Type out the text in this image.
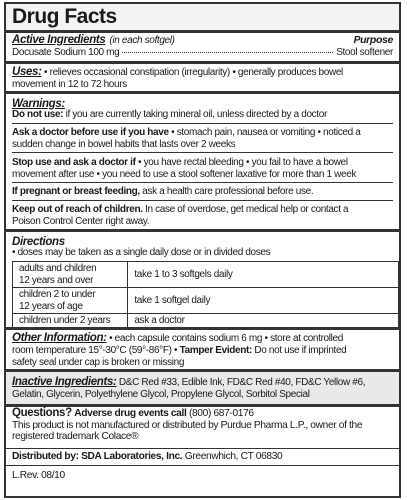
Drug Facts
Active Ingredients (in each softgel)	Purpose
Docusate Sodium 100 mg	Stool softener
Uses: • relieves occasional constipation (irregularity) • generally produces bowel
movement in 12 to 72 hours
Warnings:
Do not use: if you are currently taking mineral oil, unless directed by a doctor
Ask a doctor before use if you have • stomach pain, nausea or vomiting • noticed a
sudden change in bowel habits that lasts over 2 weeks
Stop use and ask a doctor if • you have rectal bleeding • you fail to have a bowel
movement after use • you need to use a stool softener laxative for more than 1 week
If pregnant or breast feeding, ask a health care professional before use.
Keep out of reach of children. In case of overdose, get medical help or contact a
Poison Control Center right away.
Directions
• doses may be taken as a single daily dose or in divided doses
adults and children
12 years and over	take 1 to 3 softgels daily

children 2 to under
12 years of age	take 1 softgel daily

children under 2 years	ask a doctor
Other Information: • each capsule contains sodium 6 mg • store at controlled
room temperature 15°-30°C (59°-86°F) • Tamper Evident: Do not use if imprinted
safety seal under cap is broken or missing
Inactive Ingredients: D&C Red #33, Edible Ink, FD&C Red #40, FD&C Yellow #6,
Gelatin, Glycerin, Polyethylene Glycol, Propylene Glycol, Sorbitol Special
Questions? Adverse drug events call (800) 687-0176
This product is not manufactured or distributed by Purdue Pharma L.P., owner of the
registered trademark Colace®
Distributed by: SDA Laboratories, Inc. Greenwhich, CT 06830
L.Rev. 08/10
